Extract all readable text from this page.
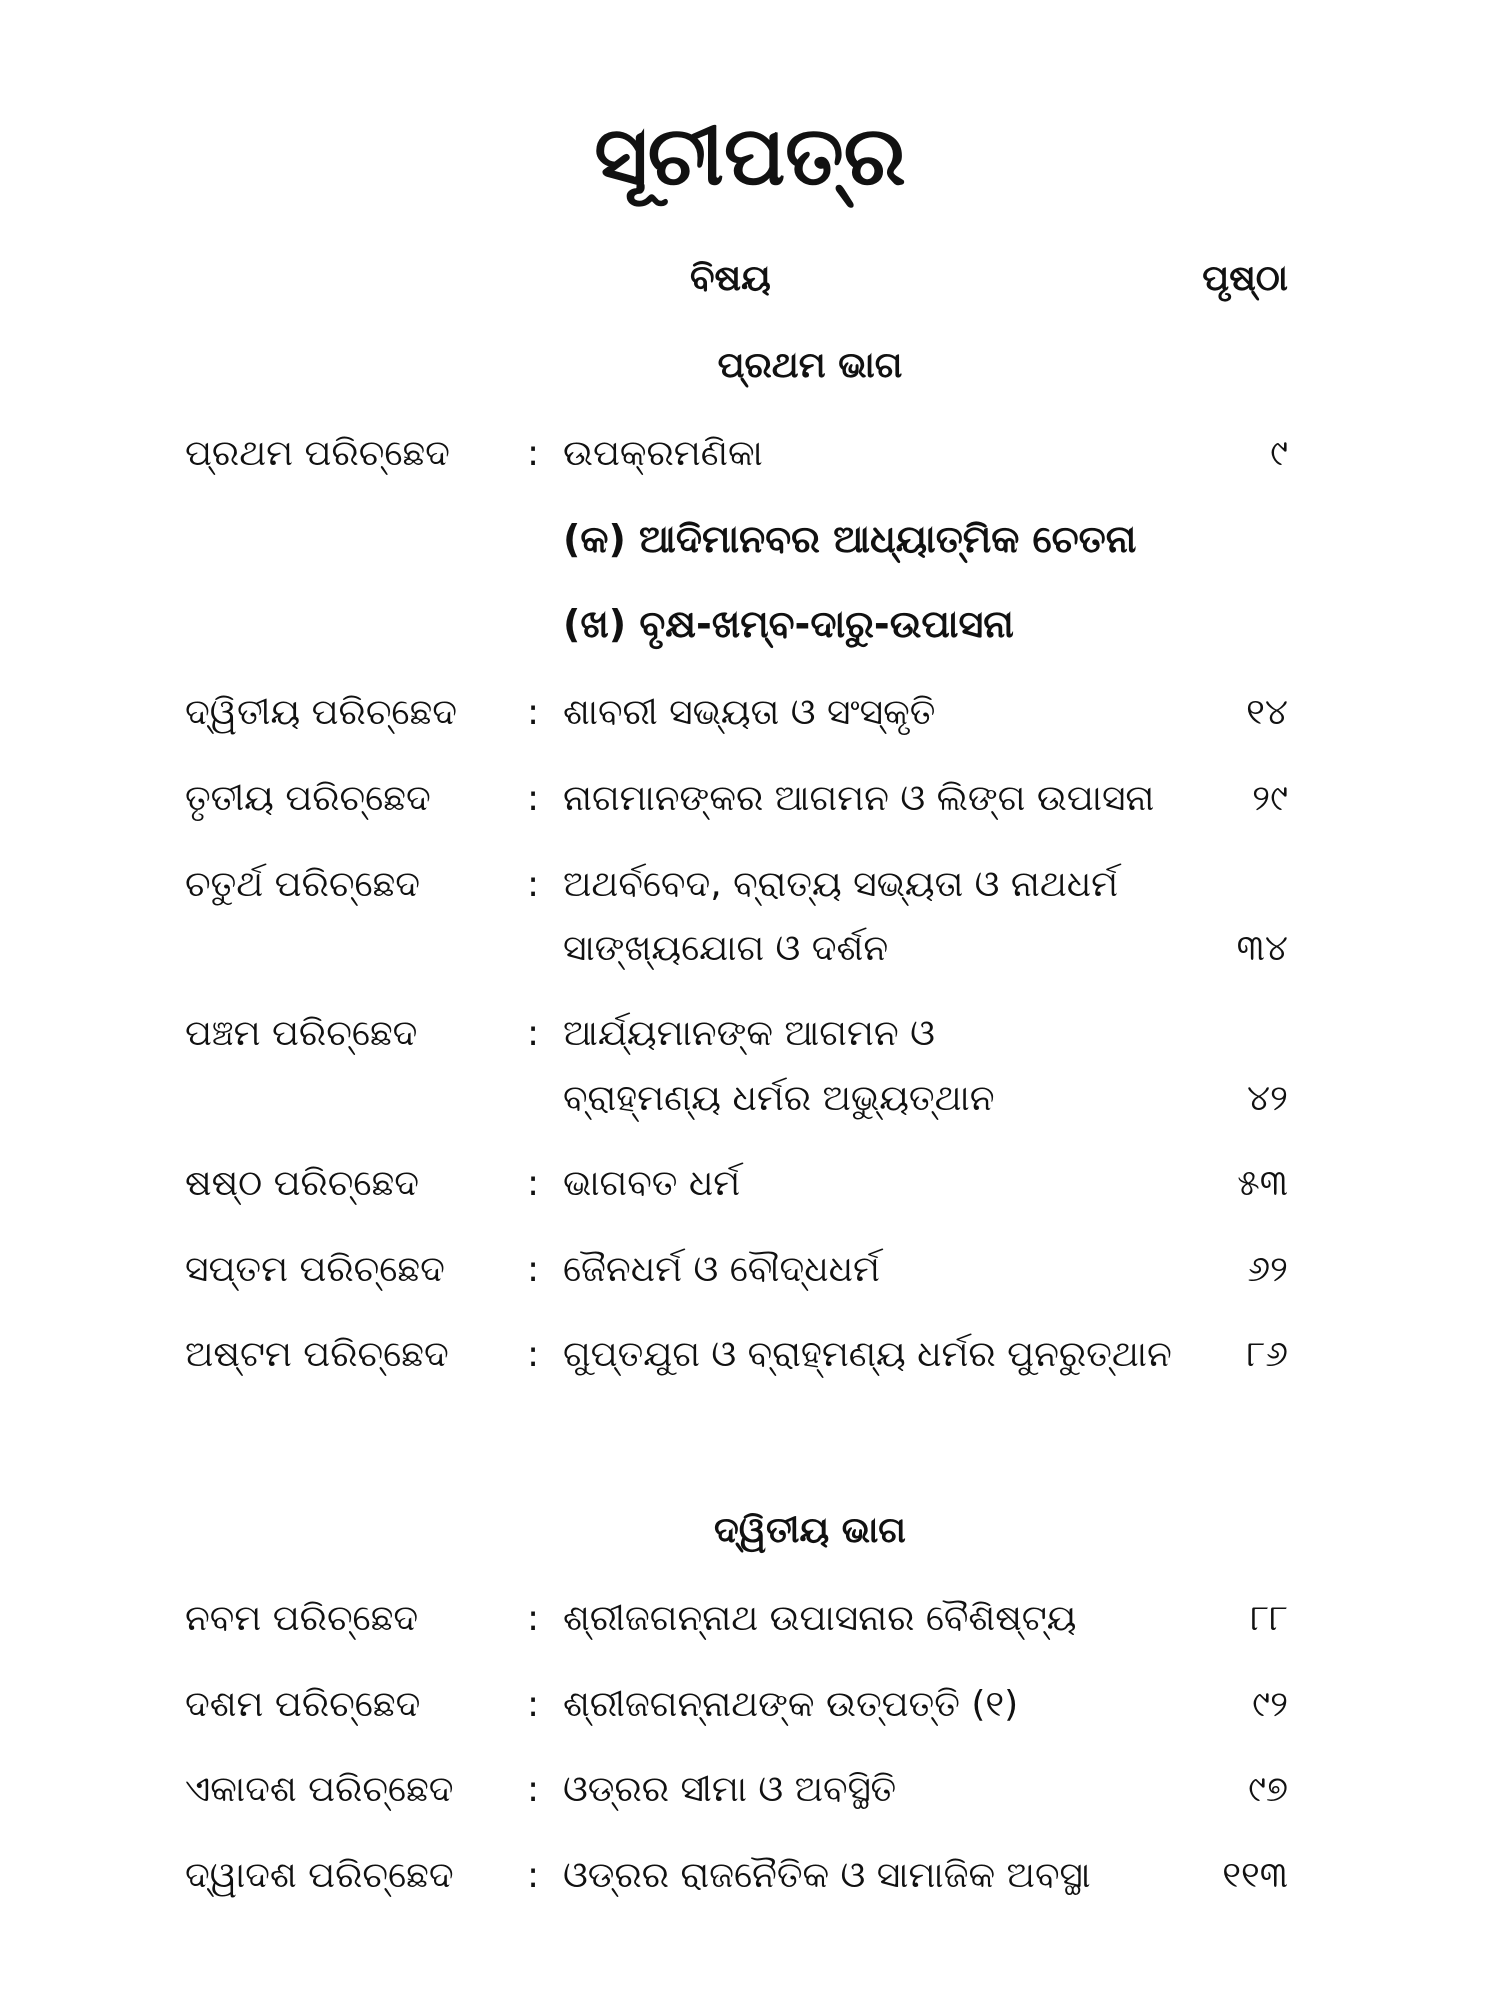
ସୂଚୀପତ୍ର
ବିଷୟ	ପୃଷ୍ଠା
ପ୍ରଥମ ଭାଗ
ପ୍ରଥମ ପରିଚ୍ଛେଦ : ଉପକ୍ରମଣିକା	୯
(କ) ଆଦିମାନବର ଆଧ୍ୟାତ୍ମିକ ଚେତନା
(ଖ) ବୃକ୍ଷ-ଖମ୍ବ-ଦାରୁ-ଉପାସନା
ଦ୍ୱିତୀୟ ପରିଚ୍ଛେଦ : ଶାବରୀ ସଭ୍ୟତା ଓ ସଂସ୍କୃତି	୧୪
ତୃତୀୟ ପରିଚ୍ଛେଦ	: ନାଗମାନଙ୍କର ଆଗମନ ଓ ଲିଙ୍ଗ ଉପାସନା	୨୯
ଚତୁର୍ଥ ପରିଚ୍ଛେଦ	: ଅଥର୍ବବେଦ, ବ୍ରାତ୍ୟ ସଭ୍ୟତା ଓ ନାଥଧର୍ମ
ସାଙ୍ଖ୍ୟଯୋଗ ଓ ଦର୍ଶନ	୩୪
ପଞ୍ଚମ ପରିଚ୍ଛେଦ	: ଆର୍ଯ୍ୟମାନଙ୍କ ଆଗମନ ଓ
ବ୍ରାହ୍ମଣ୍ୟ ଧର୍ମର ଅଭ୍ୟୁତ୍‌ଥାନ	୪୨
ଷଷ୍ଠ ପରିଚ୍ଛେଦ	: ଭାଗବତ ଧର୍ମ	୫୩
ସପ୍ତମ ପରିଚ୍ଛେଦ : ଜୈନଧର୍ମ ଓ ବୌଦ୍ଧଧର୍ମ	୬୨
ଅଷ୍ଟମ ପରିଚ୍ଛେଦ : ଗୁପ୍ତଯୁଗ ଓ ବ୍ରାହ୍ମଣ୍ୟ ଧର୍ମର ପୁନରୁତ୍‌ଥାନ ୮୬
ଦ୍ୱିତୀୟ ଭାଗ
ନବମ ପରିଚ୍ଛେଦ	: ଶ୍ରୀଜଗନ୍ନାଥ ଉପାସନାର ବୈଶିଷ୍ଟ୍ୟ	୮୮
ଦଶମ ପରିଚ୍ଛେଦ	: ଶ୍ରୀଜଗନ୍ନାଥଙ୍କ ଉତ୍ପତ୍ତି (୧)	୯୨
ଏକାଦଶ ପରିଚ୍ଛେଦ : ଓଡ୍ରର ସୀମା ଓ ଅବସ୍ଥିତି	୯୭
ଦ୍ୱାଦଶ ପରିଚ୍ଛେଦ : ଓଡ୍ରର ରାଜନୈତିକ ଓ ସାମାଜିକ ଅବସ୍ଥା	୧୧୩
